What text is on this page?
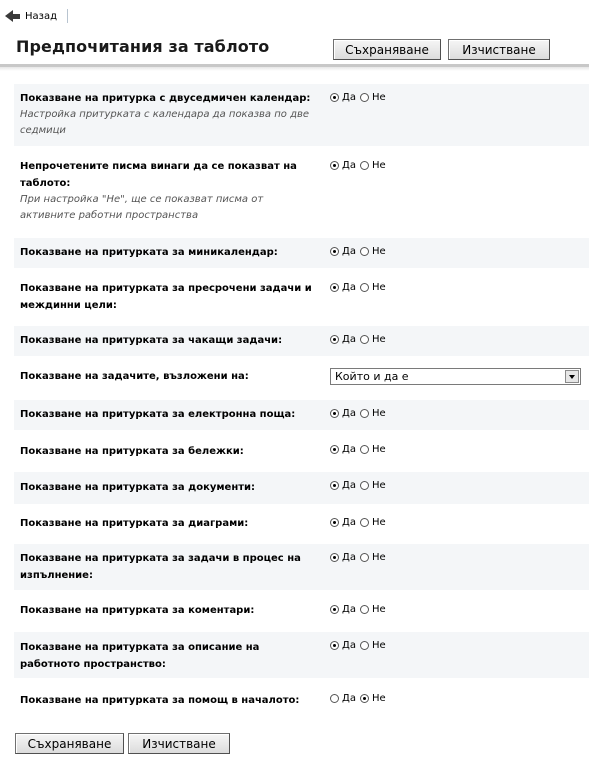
Назад
Предпочитания за таблото	Съхраняване	Изчистване
Показване на притурка с двуседмичен календар:
Настройка притурката с календара да показва по две седмици
Да Не
Непрочетените писма винаги да се показват на таблото:
При настройка "Не", ще се показват писма от активните работни пространства
Да Не
Показване на притурката за миникалендар:	Да Не
Показване на притурката за пресрочени задачи и междинни цели:
Да Не
Показване на притурката за чакащи задачи:	Да Не
Показване на задачите, възложени на:	Който и да е
Показване на притурката за електронна поща:	Да Не
Показване на притурката за бележки:	Да Не
Показване на притурката за документи:	Да Не
Показване на притурката за диаграми:	Да Не
Показване на притурката за задачи в процес на изпълнение:
Да Не
Показване на притурката за коментари:	Да Не
Показване на притурката за описание на работното пространство:
Да Не
Показване на притурката за помощ в началото:	Да Не
Съхраняване	Изчистване
